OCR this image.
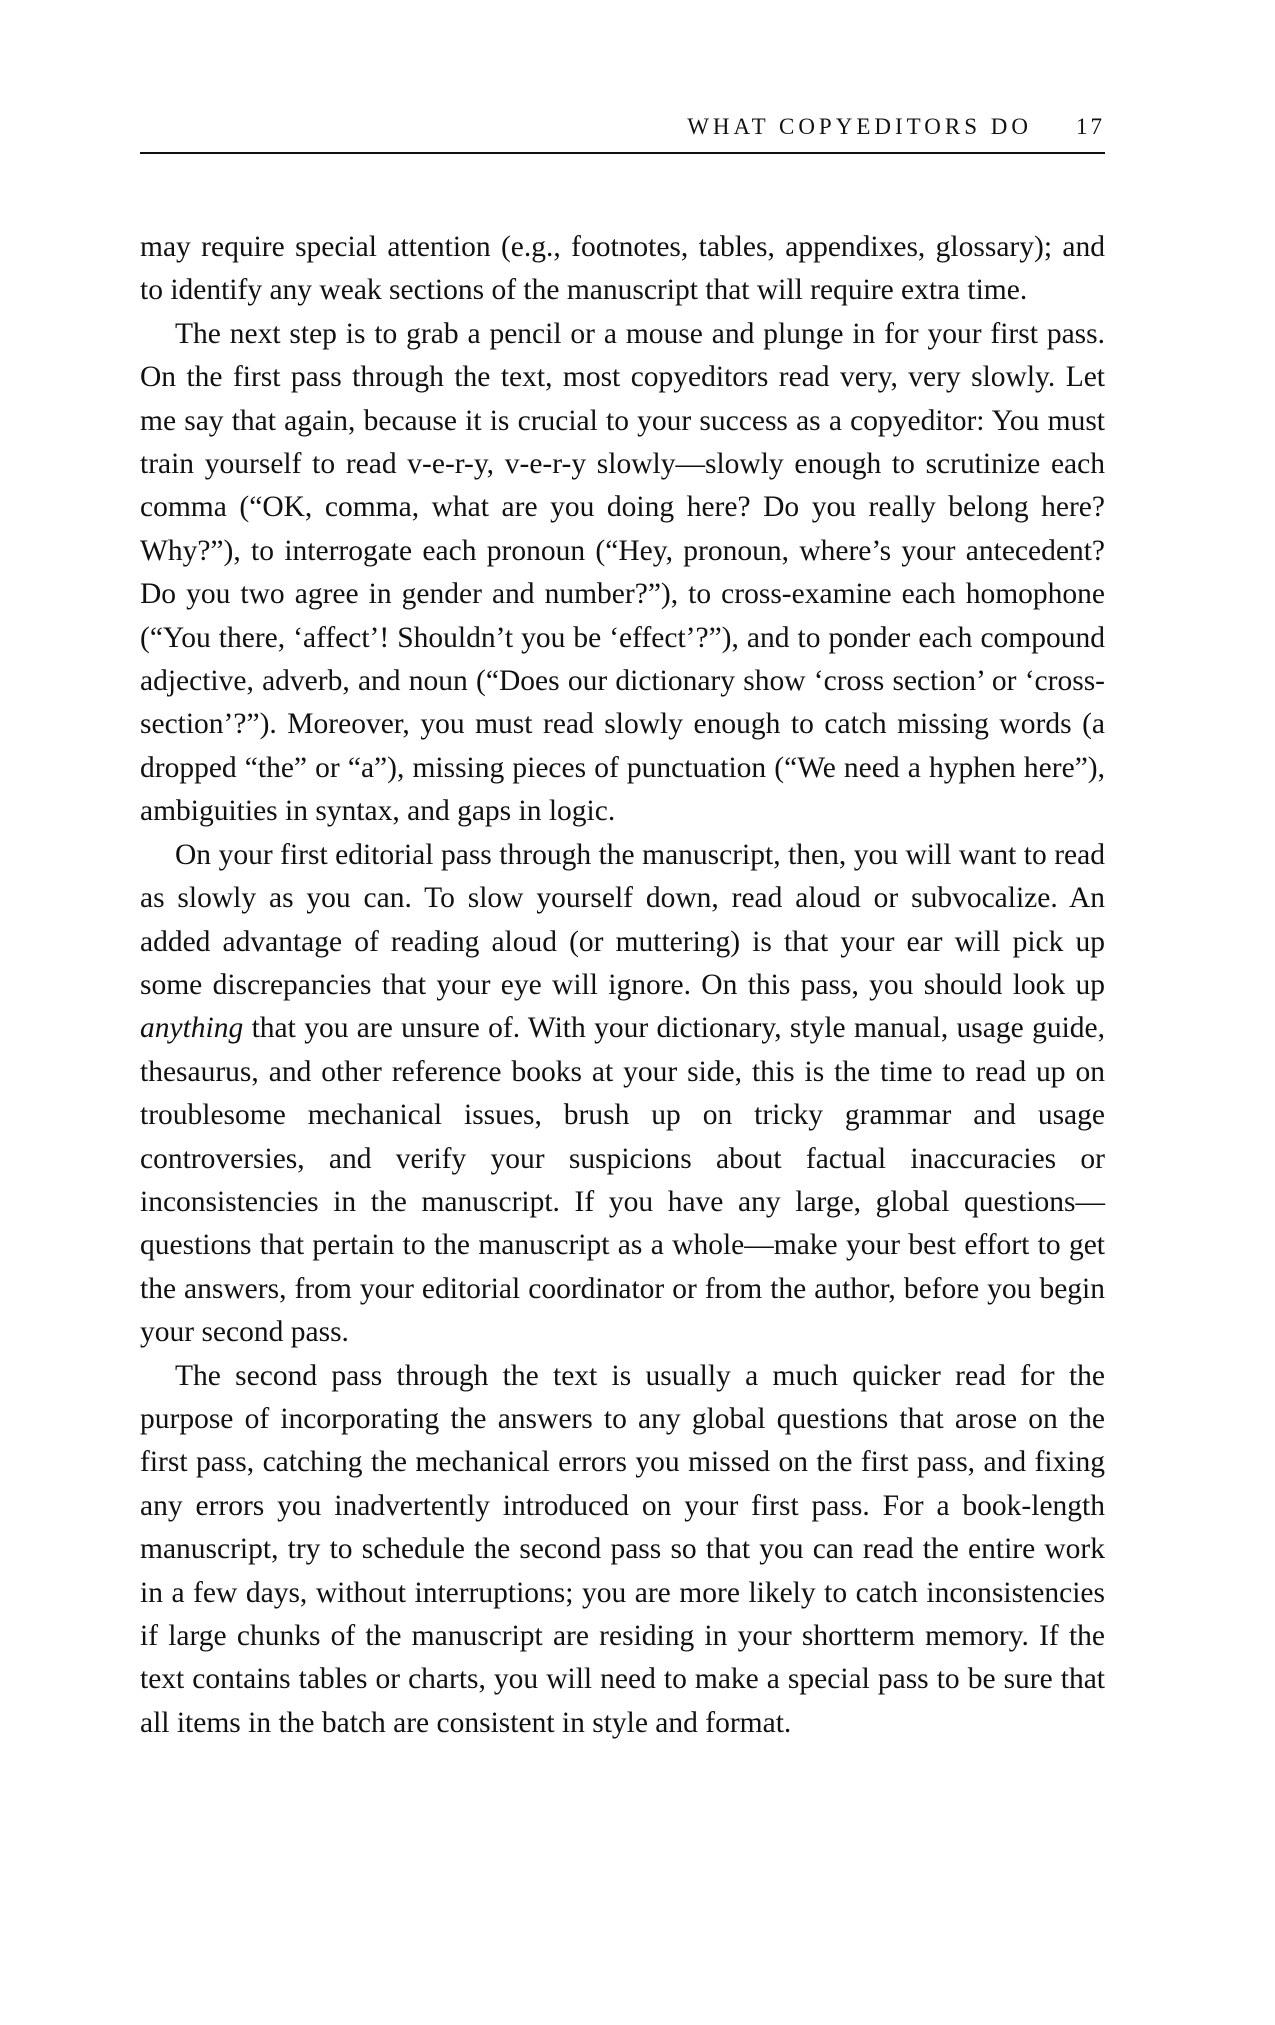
WHAT COPYEDITORS DO 17

may require special attention (e.g., footnotes, tables, appendixes, glossary); and to identify any weak sections of the manuscript that will require extra time.

The next step is to grab a pencil or a mouse and plunge in for your first pass. On the first pass through the text, most copyeditors read very, very slowly. Let me say that again, because it is crucial to your success as a copyeditor: You must train yourself to read v-e-r-y, v-e-r-y slowly—slowly enough to scrutinize each comma (“OK, comma, what are you doing here? Do you really belong here? Why?”), to interrogate each pronoun (“Hey, pronoun, where’s your antecedent? Do you two agree in gender and number?”), to cross-examine each homophone (“You there, ‘affect’! Shouldn’t you be ‘effect’?”), and to ponder each compound adjective, adverb, and noun (“Does our dictionary show ‘cross section’ or ‘cross-section’?”). Moreover, you must read slowly enough to catch missing words (a dropped “the” or “a”), missing pieces of punctuation (“We need a hyphen here”), ambiguities in syntax, and gaps in logic.

On your first editorial pass through the manuscript, then, you will want to read as slowly as you can. To slow yourself down, read aloud or subvocalize. An added advantage of reading aloud (or muttering) is that your ear will pick up some discrepancies that your eye will ignore. On this pass, you should look up anything that you are unsure of. With your dictionary, style manual, usage guide, thesaurus, and other reference books at your side, this is the time to read up on troublesome mechanical issues, brush up on tricky grammar and usage controversies, and verify your suspicions about factual inaccuracies or inconsistencies in the manuscript. If you have any large, global questions—questions that pertain to the manuscript as a whole—make your best effort to get the answers, from your editorial coordinator or from the author, before you begin your second pass.

The second pass through the text is usually a much quicker read for the purpose of incorporating the answers to any global questions that arose on the first pass, catching the mechanical errors you missed on the first pass, and fixing any errors you inadvertently introduced on your first pass. For a book-length manuscript, try to schedule the second pass so that you can read the entire work in a few days, without interruptions; you are more likely to catch inconsistencies if large chunks of the manuscript are residing in your shortterm memory. If the text contains tables or charts, you will need to make a special pass to be sure that all items in the batch are consistent in style and format.
